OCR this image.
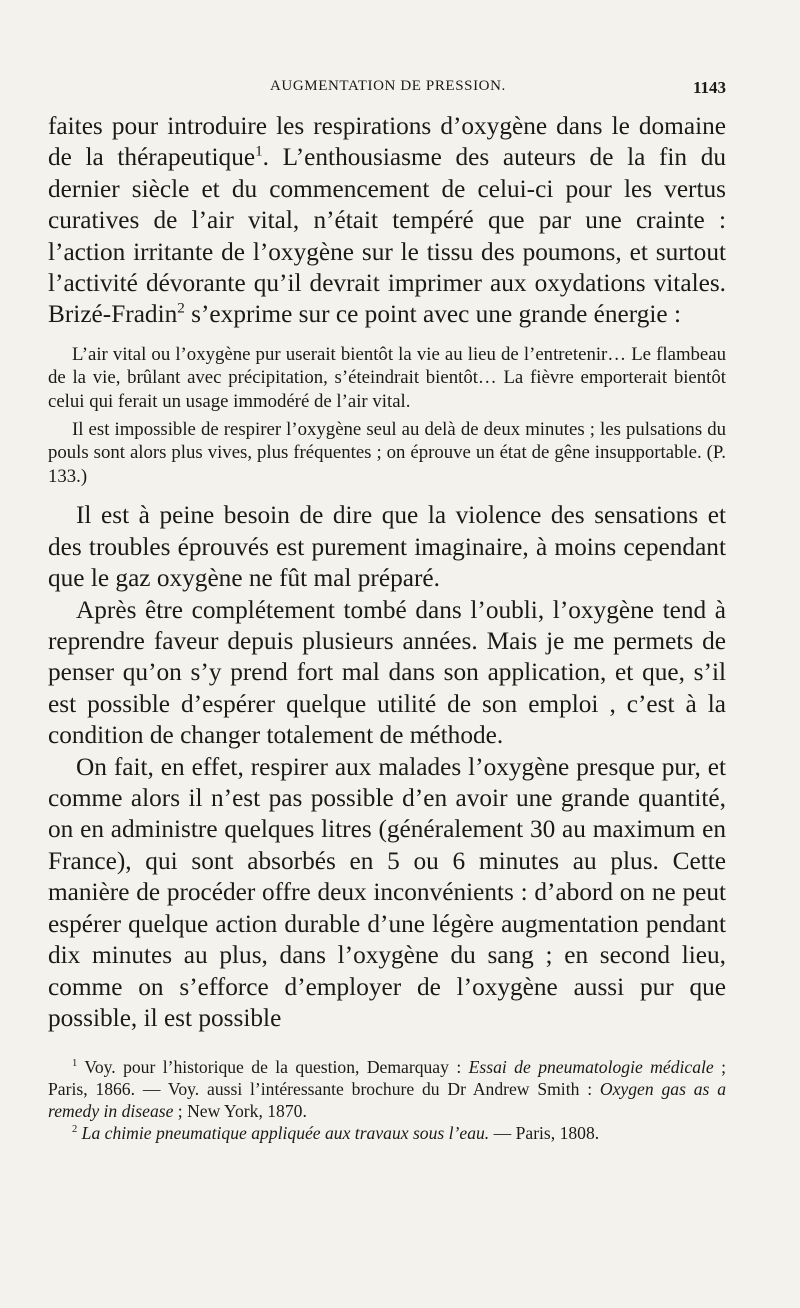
AUGMENTATION DE PRESSION.	1143

faites pour introduire les respirations d’oxygène dans le domaine de la thérapeutique$^1$. L’enthousiasme des auteurs de la fin du dernier siècle et du commencement de celui-ci pour les vertus curatives de l’air vital, n’était tempéré que par une crainte : l’action irritante de l’oxygène sur le tissu des poumons, et surtout l’activité dévorante qu’il devrait imprimer aux oxydations vitales. Brizé-Fradin$^2$ s’exprime sur ce point avec une grande énergie :

L’air vital ou l’oxygène pur userait bientôt la vie au lieu de l’entretenir… Le flambeau de la vie, brûlant avec précipitation, s’éteindrait bientôt… La fièvre emporterait bientôt celui qui ferait un usage immodéré de l’air vital.

Il est impossible de respirer l’oxygène seul au delà de deux minutes ; les pulsations du pouls sont alors plus vives, plus fréquentes ; on éprouve un état de gêne insupportable. (P. 133.)

Il est à peine besoin de dire que la violence des sensations et des troubles éprouvés est purement imaginaire, à moins cependant que le gaz oxygène ne fût mal préparé.

Après être complétement tombé dans l’oubli, l’oxygène tend à reprendre faveur depuis plusieurs années. Mais je me permets de penser qu’on s’y prend fort mal dans son application, et que, s’il est possible d’espérer quelque utilité de son emploi , c’est à la condition de changer totalement de méthode.

On fait, en effet, respirer aux malades l’oxygène presque pur, et comme alors il n’est pas possible d’en avoir une grande quantité, on en administre quelques litres (généralement 30 au maximum en France), qui sont absorbés en 5 ou 6 minutes au plus. Cette manière de procéder offre deux inconvénients : d’abord on ne peut espérer quelque action durable d’une légère augmentation pendant dix minutes au plus, dans l’oxygène du sang ; en second lieu, comme on s’efforce d’employer de l’oxygène aussi pur que possible, il est possible

$^1$ Voy. pour l’historique de la question, Demarquay : Essai de pneumatologie médicale ; Paris, 1866. — Voy. aussi l’intéressante brochure du Dr Andrew Smith : Oxygen gas as a remedy in disease ; New York, 1870.

$^2$ La chimie pneumatique appliquée aux travaux sous l’eau. — Paris, 1808.
